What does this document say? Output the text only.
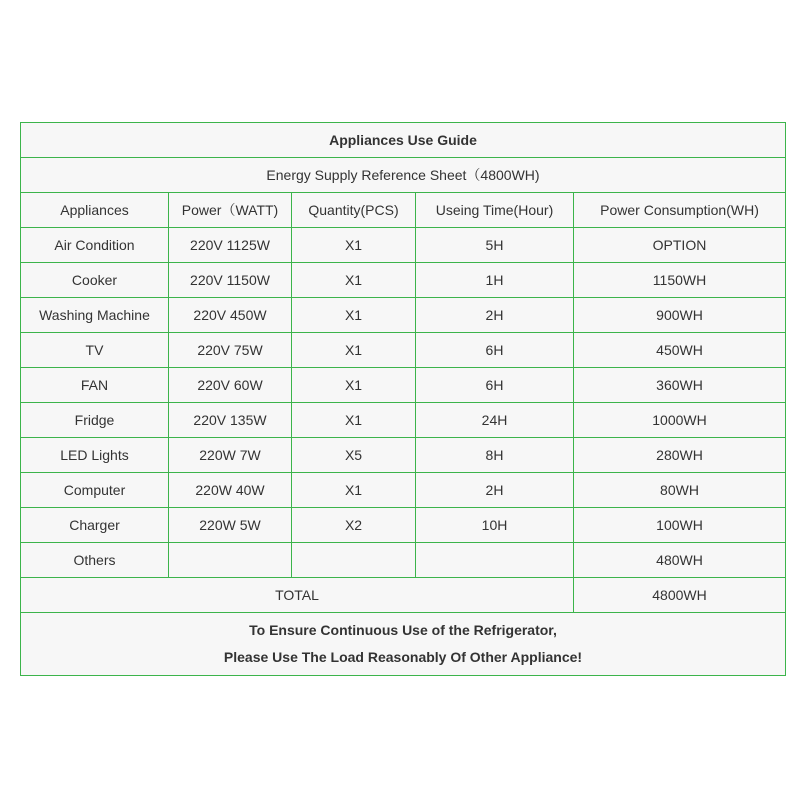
Appliances Use Guide				
Energy Supply Reference Sheet（4800WH)				
Appliances	Power（WATT)	Quantity(PCS)	Useing Time(Hour)	Power Consumption(WH)
Air Condition	220V 1125W	X1	5H	OPTION
Cooker	220V 1150W	X1	1H	1150WH
Washing Machine	220V 450W	X1	2H	900WH
TV	220V 75W	X1	6H	450WH
FAN	220V 60W	X1	6H	360WH
Fridge	220V 135W	X1	24H	1000WH
LED Lights	220W 7W	X5	8H	280WH
Computer	220W 40W	X1	2H	80WH
Charger	220W 5W	X2	10H	100WH
Others				480WH
TOTAL				4800WH

To Ensure Continuous Use of the Refrigerator,
Please Use The Load Reasonably Of Other Appliance!				
